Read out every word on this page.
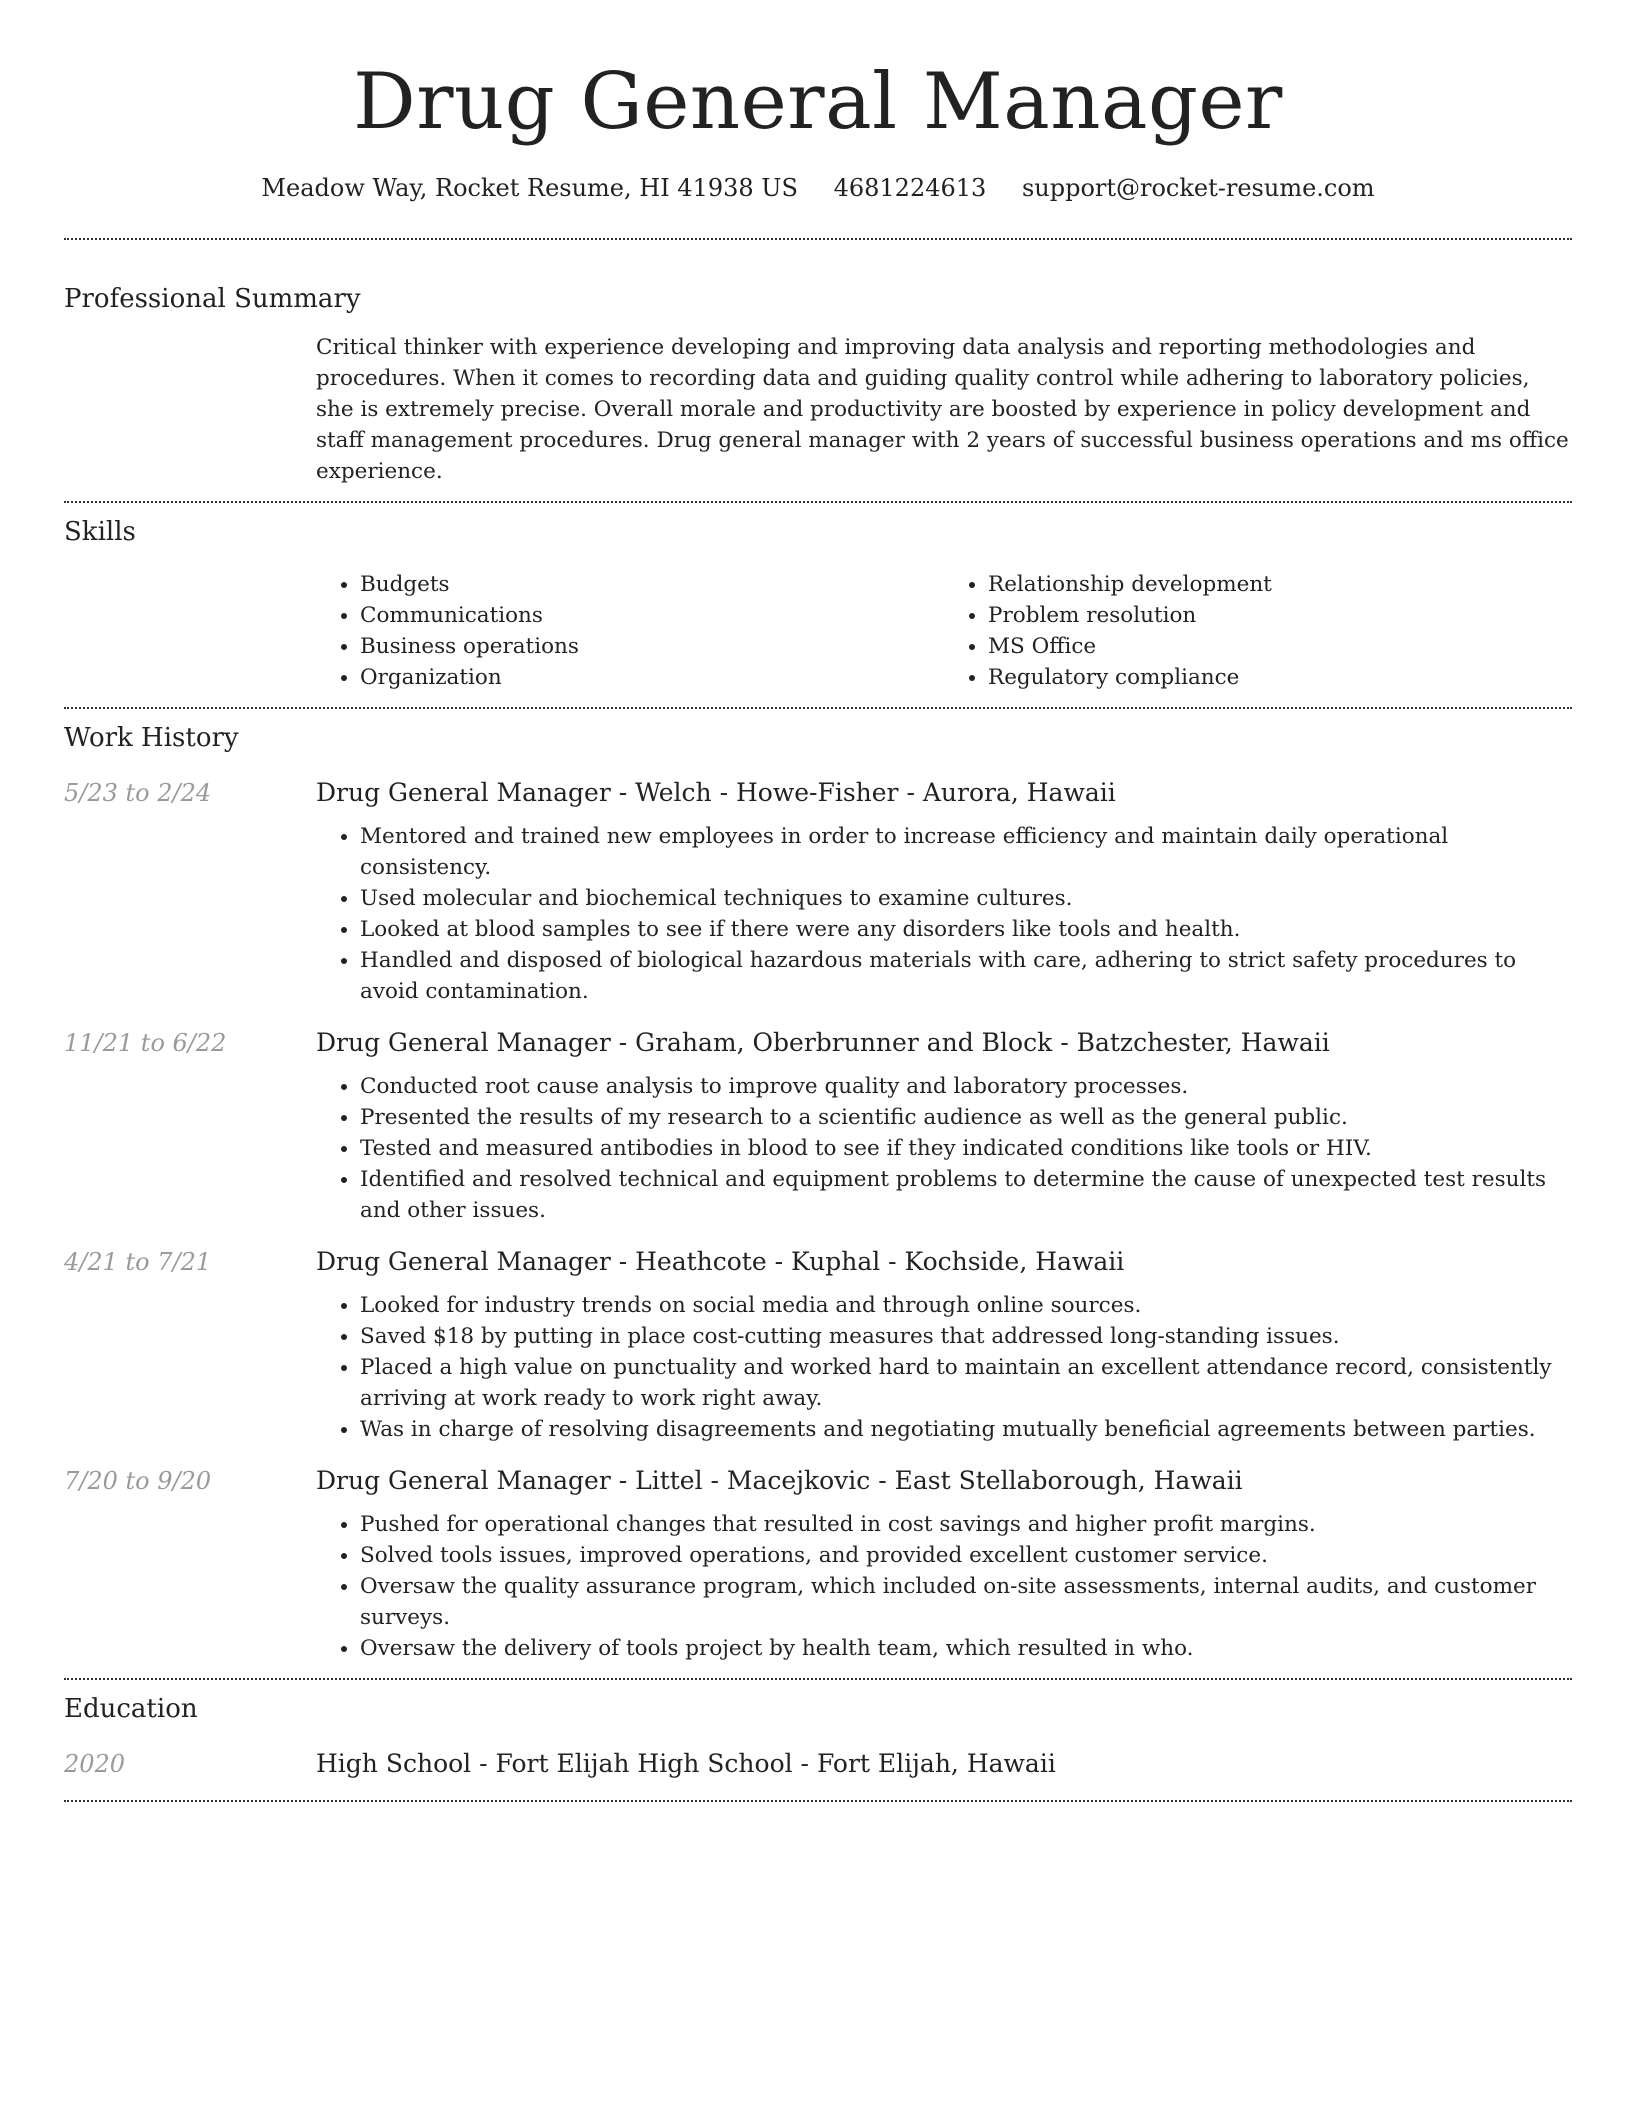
Drug General Manager
Meadow Way, Rocket Resume, HI 41938 US 4681224613 support@rocket-resume.com
Professional Summary
Critical thinker with experience developing and improving data analysis and reporting methodologies and procedures. When it comes to recording data and guiding quality control while adhering to laboratory policies, she is extremely precise. Overall morale and productivity are boosted by experience in policy development and staff management procedures. Drug general manager with 2 years of successful business operations and ms office experience.
Skills
• Budgets
• Communications
• Business operations
• Organization
• Relationship development
• Problem resolution
• MS Office
• Regulatory compliance
Work History
5/23 to 2/24	Drug General Manager - Welch - Howe-Fisher - Aurora, Hawaii
• Mentored and trained new employees in order to increase efficiency and maintain daily operational consistency.
• Used molecular and biochemical techniques to examine cultures.
• Looked at blood samples to see if there were any disorders like tools and health.
• Handled and disposed of biological hazardous materials with care, adhering to strict safety procedures to avoid contamination.
11/21 to 6/22	Drug General Manager - Graham, Oberbrunner and Block - Batzchester, Hawaii
• Conducted root cause analysis to improve quality and laboratory processes.
• Presented the results of my research to a scientific audience as well as the general public.
• Tested and measured antibodies in blood to see if they indicated conditions like tools or HIV.
• Identified and resolved technical and equipment problems to determine the cause of unexpected test results and other issues.
4/21 to 7/21	Drug General Manager - Heathcote - Kuphal - Kochside, Hawaii
• Looked for industry trends on social media and through online sources.
• Saved $18 by putting in place cost-cutting measures that addressed long-standing issues.
• Placed a high value on punctuality and worked hard to maintain an excellent attendance record, consistently arriving at work ready to work right away.
• Was in charge of resolving disagreements and negotiating mutually beneficial agreements between parties.
7/20 to 9/20	Drug General Manager - Littel - Macejkovic - East Stellaborough, Hawaii
• Pushed for operational changes that resulted in cost savings and higher profit margins.
• Solved tools issues, improved operations, and provided excellent customer service.
• Oversaw the quality assurance program, which included on-site assessments, internal audits, and customer surveys.
• Oversaw the delivery of tools project by health team, which resulted in who.
Education
2020	High School - Fort Elijah High School - Fort Elijah, Hawaii
